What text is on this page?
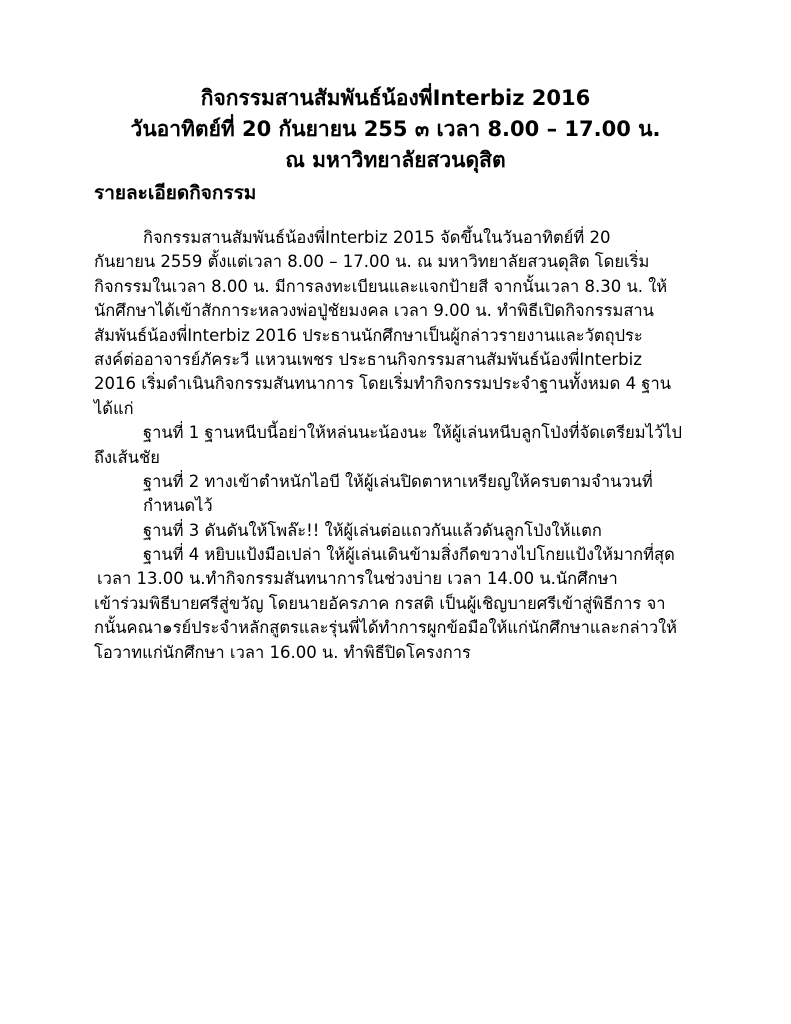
กิจกรรมสานสัมพันธ์น้องพี่Interbiz 2016
วันอาทิตย์ที่ 20 กันยายน 255 ๓ เวลา 8.00 – 17.00 น.
ณ มหาวิทยาลัยสวนดุสิต
รายละเอียดกิจกรรม
กิจกรรมสานสัมพันธ์น้องพี่Interbiz 2015 จัดขึ้นในวันอาทิตย์ที่ 20
กันยายน 2559 ตั้งแต่เวลา 8.00 – 17.00 น. ณ มหาวิทยาลัยสวนดุสิต โดยเริ่ม
กิจกรรมในเวลา 8.00 น. มีการลงทะเบียนและแจกป้ายสี จากนั้นเวลา 8.30 น. ให้
นักศึกษาได้เข้าสักการะหลวงพ่อปู่ชัยมงคล เวลา 9.00 น. ทำพิธีเปิดกิจกรรมสาน
สัมพันธ์น้องพี่Interbiz 2016 ประธานนักศึกษาเป็นผู้กล่าวรายงานและวัตถุประ
สงค์ต่ออาจารย์ภัคระวี แหวนเพชร ประธานกิจกรรมสานสัมพันธ์น้องพี่Interbiz
2016 เริ่มดำเนินกิจกรรมสันทนาการ โดยเริ่มทำกิจกรรมประจำฐานทั้งหมด 4 ฐาน
ได้แก่
ฐานที่ 1 ฐานหนีบนี้อย่าให้หล่นนะน้องนะ ให้ผู้เล่นหนีบลูกโป่งที่จัดเตรียมไว้ไป
ถึงเส้นชัย
ฐานที่ 2 ทางเข้าตำหนักไอบี ให้ผู้เล่นปิดตาหาเหรียญให้ครบตามจำนวนที่
กำหนดไว้
ฐานที่ 3 ดันดันให้โพล๊ะ!! ให้ผู้เล่นต่อแถวกันแล้วดันลูกโป่งให้แตก
ฐานที่ 4 หยิบแป้งมือเปล่า ให้ผู้เล่นเดินข้ามสิ่งกีดขวางไปโกยแป้งให้มากที่สุด
เวลา 13.00 น.ทำกิจกรรมสันทนาการในช่วงบ่าย เวลา 14.00 น.นักศึกษา
เข้าร่วมพิธีบายศรีสู่ขวัญ โดยนายอัครภาค กรสติ เป็นผู้เชิญบายศรีเข้าสู่พิธีการ จา
กนั้นคณา๑รย์ประจำหลักสูตรและรุ่นพี่ได้ทำการผูกข้อมือให้แก่นักศึกษาและกล่าวให้
โอวาทแก่นักศึกษา เวลา 16.00 น. ทำพิธีปิดโครงการ
